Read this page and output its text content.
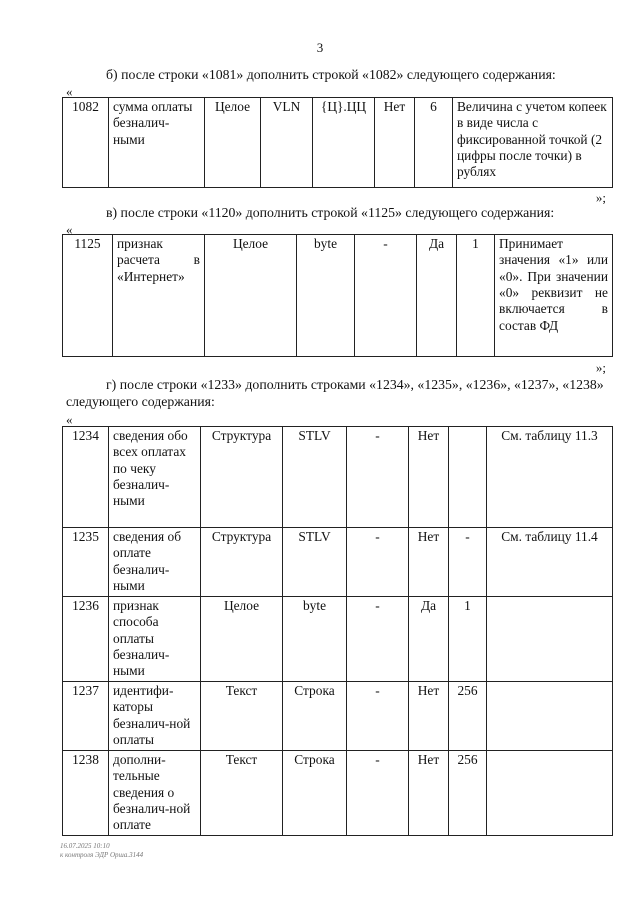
3
б) после строки «1081» дополнить строкой «1082» следующего содержания:
«
1082	сумма оплаты безналич-ными	Целое	VLN	{Ц}.ЦЦ	Нет	6	Величина с учетом копеек в виде числа с фиксированной точкой (2 цифры после точки) в рублях
»;
в) после строки «1120» дополнить строкой «1125» следующего содержания:
«
1125	признак расчета в «Интернет»	Целое	byte	-	Да	1	Принимает значения «1» или «0». При значении «0» реквизит не включается в состав ФД
»;
г) после строки «1233» дополнить строками «1234», «1235», «1236», «1237», «1238» следующего содержания:
«
1234	сведения обо всех оплатах по чеку безналич-ными	Структура	STLV	-	Нет		См. таблицу 11.3
1235	сведения об оплате безналич-ными	Структура	STLV	-	Нет	-	См. таблицу 11.4
1236	признак способа оплаты безналич-ными	Целое	byte	-	Да	1	
1237	идентифи-каторы безналич-ной оплаты	Текст	Строка	-	Нет	256	
1238	дополни-тельные сведения о безналич-ной оплате	Текст	Строка	-	Нет	256	
16.07.2025 10:10
к контроля ЭДР Орша.3144
